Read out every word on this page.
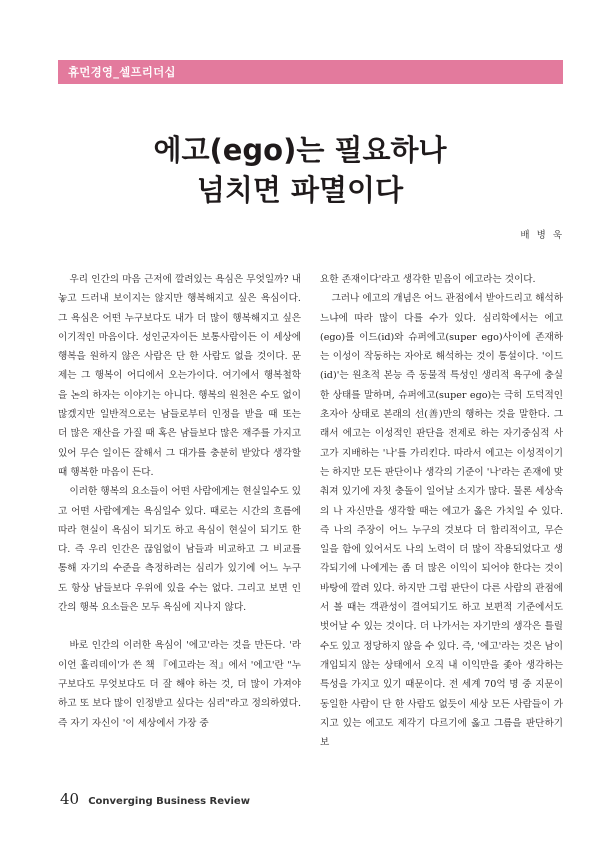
휴먼경영_셀프리더십
에고(ego)는 필요하나
넘치면 파멸이다
배 병 욱

우리 인간의 마음 근저에 깔려있는 욕심은 무엇일까? 내놓고 드러내 보이지는 않지만 행복해지고 싶은 욕심이다. 그 욕심은 어떤 누구보다도 내가 더 많이 행복해지고 싶은 이기적인 마음이다. 성인군자이든 보통사람이든 이 세상에 행복을 원하지 않은 사람은 단 한 사람도 없을 것이다. 문제는 그 행복이 어디에서 오는가이다. 여기에서 행복철학을 논의 하자는 이야기는 아니다. 행복의 원천은 수도 없이 많겠지만 일반적으로는 남들로부터 인정을 받을 때 또는 더 많은 재산을 가질 때 혹은 남들보다 많은 재주를 가지고 있어 무슨 일이든 잘해서 그 대가를 충분히 받았다 생각할 때 행복한 마음이 든다.

이러한 행복의 요소들이 어떤 사람에게는 현실일수도 있고 어떤 사람에게는 욕심일수 있다. 때로는 시간의 흐름에 따라 현실이 욕심이 되기도 하고 욕심이 현실이 되기도 한다. 즉 우리 인간은 끊임없이 남들과 비교하고 그 비교를 통해 자기의 수준을 측정하려는 심리가 있기에 어느 누구도 항상 남들보다 우위에 있을 수는 없다. 그리고 보면 인간의 행복 요소들은 모두 욕심에 지나지 않다.

바로 인간의 이러한 욕심이 '에고'라는 것을 만든다. '라이언 홀리데이'가 쓴 책 『에고라는 적』에서 '에고'란 "누구보다도 무엇보다도 더 잘 해야 하는 것, 더 많이 가져야 하고 또 보다 많이 인정받고 싶다는 심리"라고 정의하였다. 즉 자기 자신이 '이 세상에서 가장 중

요한 존재이다'라고 생각한 믿음이 에고라는 것이다.

그러나 에고의 개념은 어느 관점에서 받아드리고 해석하느냐에 따라 많이 다를 수가 있다. 심리학에서는 에고(ego)를 이드(id)와 슈퍼에고(super ego)사이에 존재하는 이성이 작동하는 자아로 해석하는 것이 통설이다. '이드(id)'는 원초적 본능 즉 동물적 특성인 생리적 욕구에 충실한 상태를 말하며, 슈퍼에고(super ego)는 극히 도덕적인 초자아 상태로 본래의 선(善)만의 행하는 것을 말한다. 그래서 에고는 이성적인 판단을 전제로 하는 자기중심적 사고가 지배하는 '나'를 가리킨다. 따라서 에고는 이성적이기는 하지만 모든 판단이나 생각의 기준이 '나'라는 존재에 맞춰져 있기에 자칫 충돌이 일어날 소지가 많다. 물론 세상속의 나 자신만을 생각할 때는 에고가 옳은 가치일 수 있다. 즉 나의 주장이 어느 누구의 것보다 더 합리적이고, 무슨 일을 함에 있어서도 나의 노력이 더 많이 작용되었다고 생각되기에 나에게는 좀 더 많은 이익이 되어야 한다는 것이 바탕에 깔려 있다. 하지만 그럼 판단이 다른 사람의 관점에서 볼 때는 객관성이 결여되기도 하고 보편적 기준에서도 벗어날 수 있는 것이다. 더 나가서는 자기만의 생각은 틀릴 수도 있고 정당하지 않을 수 있다. 즉, '에고'라는 것은 남이 개입되지 않는 상태에서 오직 내 이익만을 좇아 생각하는 특성을 가지고 있기 때문이다. 전 세계 70억 명 중 지문이 동일한 사람이 단 한 사람도 없듯이 세상 모든 사람들이 가지고 있는 에고도 제각기 다르기에 옳고 그름을 판단하기 보

40 Converging Business Review
